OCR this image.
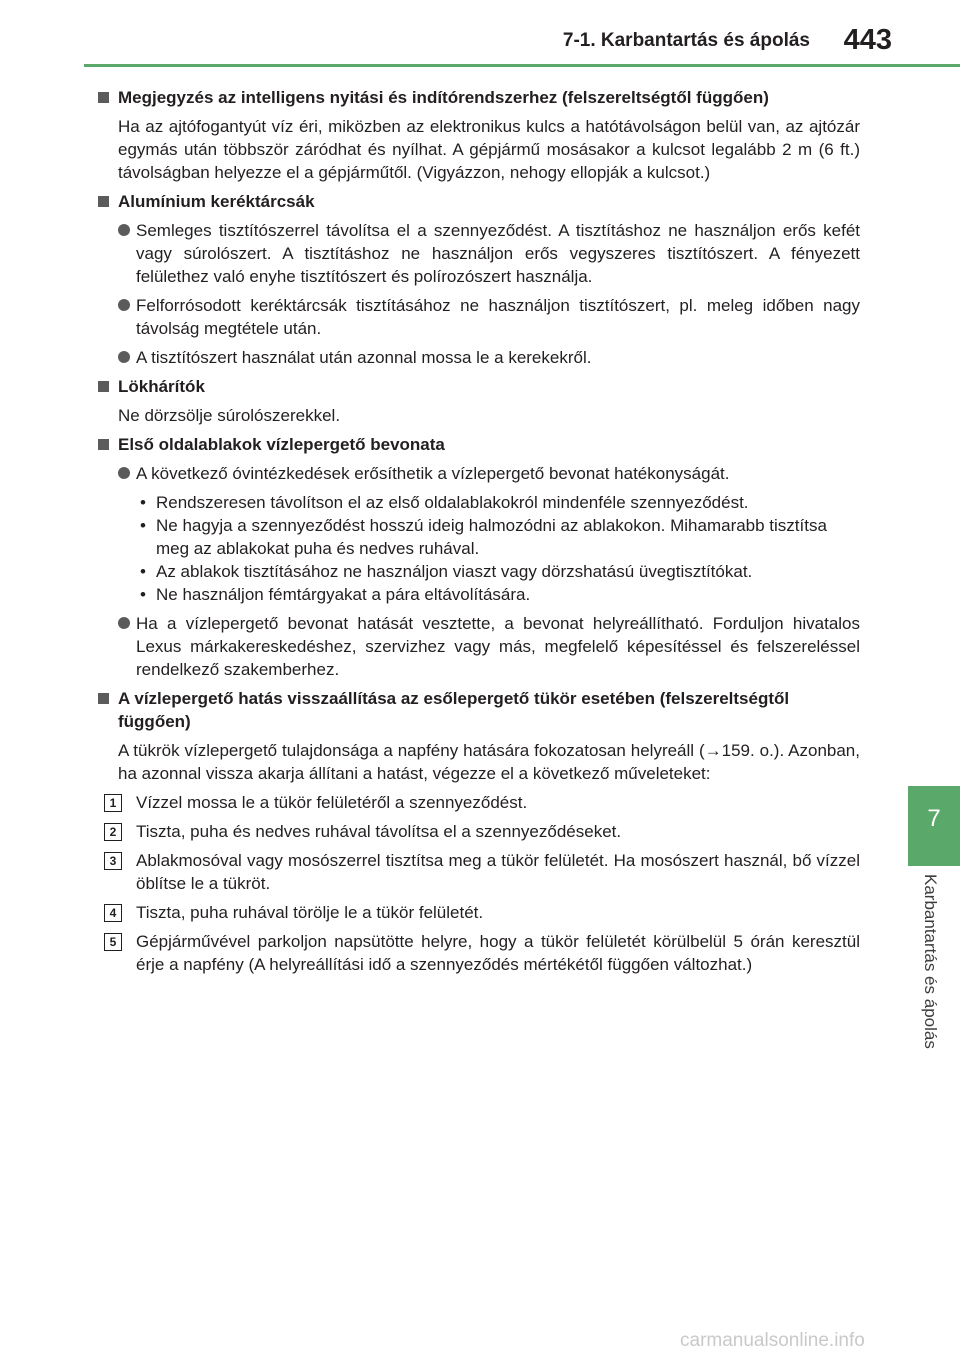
7-1. Karbantartás és ápolás 443
7
Karbantartás és ápolás
Megjegyzés az intelligens nyitási és indítórendszerhez (felszereltségtől függően)
Ha az ajtófogantyút víz éri, miközben az elektronikus kulcs a hatótávolságon belül van, az ajtózár egymás után többször záródhat és nyílhat. A gépjármű mosásakor a kulcsot legalább 2 m (6 ft.) távolságban helyezze el a gépjárműtől. (Vigyázzon, nehogy ellopják a kulcsot.)
Alumínium keréktárcsák
Semleges tisztítószerrel távolítsa el a szennyeződést. A tisztításhoz ne használjon erős kefét vagy súrolószert. A tisztításhoz ne használjon erős vegyszeres tisztítószert. A fényezett felülethez való enyhe tisztítószert és polírozószert használja.
Felforrósodott keréktárcsák tisztításához ne használjon tisztítószert, pl. meleg időben nagy távolság megtétele után.
A tisztítószert használat után azonnal mossa le a kerekekről.
Lökhárítók
Ne dörzsölje súrolószerekkel.
Első oldalablakok vízlepergető bevonata
A következő óvintézkedések erősíthetik a vízlepergető bevonat hatékonyságát.
• Rendszeresen távolítson el az első oldalablakokról mindenféle szennyeződést.
• Ne hagyja a szennyeződést hosszú ideig halmozódni az ablakokon. Mihamarabb tisztítsa meg az ablakokat puha és nedves ruhával.
• Az ablakok tisztításához ne használjon viaszt vagy dörzshatású üvegtisztítókat.
• Ne használjon fémtárgyakat a pára eltávolítására.
Ha a vízlepergető bevonat hatását vesztette, a bevonat helyreállítható. Forduljon hivatalos Lexus márkakereskedéshez, szervizhez vagy más, megfelelő képesítéssel és felszereléssel rendelkező szakemberhez.
A vízlepergető hatás visszaállítása az esőlepergető tükör esetében (felszereltségtől függően)
A tükrök vízlepergető tulajdonsága a napfény hatására fokozatosan helyreáll (→159. o.). Azonban, ha azonnal vissza akarja állítani a hatást, végezze el a következő műveleteket:
1	Vízzel mossa le a tükör felületéről a szennyeződést.
2	Tiszta, puha és nedves ruhával távolítsa el a szennyeződéseket.
3	Ablakmosóval vagy mosószerrel tisztítsa meg a tükör felületét. Ha mosószert használ, bő vízzel öblítse le a tükröt.
4	Tiszta, puha ruhával törölje le a tükör felületét.
5	Gépjárművével parkoljon napsütötte helyre, hogy a tükör felületét körülbelül 5 órán keresztül érje a napfény (A helyreállítási idő a szennyeződés mértékétől függően változhat.)
carmanualsonline.info
